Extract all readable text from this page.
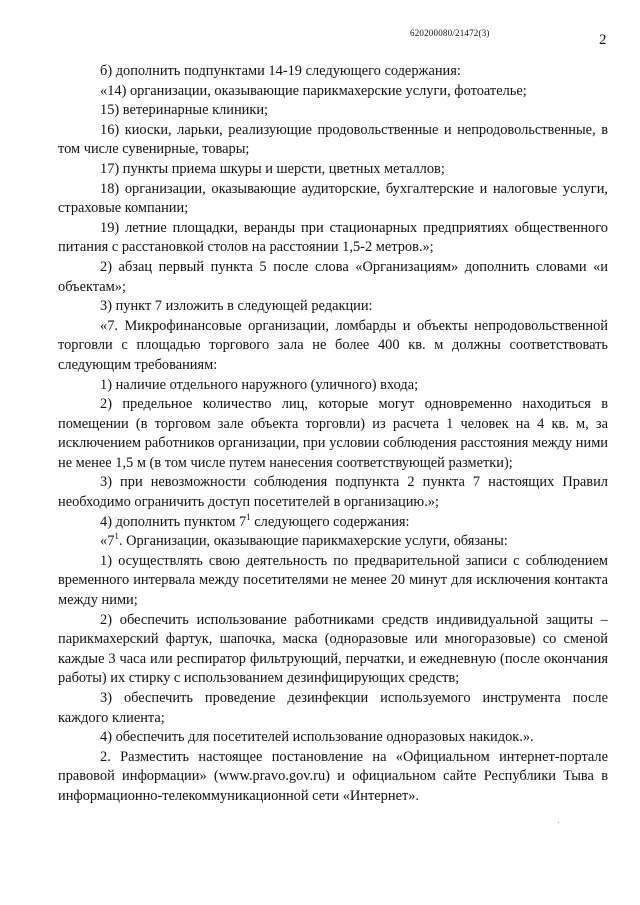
620200080/21472(3)	2

б) дополнить подпунктами 14-19 следующего содержания:

«14) организации, оказывающие парикмахерские услуги, фотоателье;

15) ветеринарные клиники;

16) киоски, ларьки, реализующие продовольственные и непродовольственные, в том числе сувенирные, товары;

17) пункты приема шкуры и шерсти, цветных металлов;

18) организации, оказывающие аудиторские, бухгалтерские и налоговые услуги, страховые компании;

19) летние площадки, веранды при стационарных предприятиях общественного питания с расстановкой столов на расстоянии 1,5-2 метров.»;

2) абзац первый пункта 5 после слова «Организациям» дополнить словами «и объектам»;

3) пункт 7 изложить в следующей редакции:

«7. Микрофинансовые организации, ломбарды и объекты непродовольственной торговли с площадью торгового зала не более 400 кв. м должны соответствовать следующим требованиям:

1) наличие отдельного наружного (уличного) входа;

2) предельное количество лиц, которые могут одновременно находиться в помещении (в торговом зале объекта торговли) из расчета 1 человек на 4 кв. м, за исключением работников организации, при условии соблюдения расстояния между ними не менее 1,5 м (в том числе путем нанесения соответствующей разметки);

3) при невозможности соблюдения подпункта 2 пункта 7 настоящих Правил необходимо ограничить доступ посетителей в организацию.»;

4) дополнить пунктом $7^1$ следующего содержания:

«$7^1$. Организации, оказывающие парикмахерские услуги, обязаны:

1) осуществлять свою деятельность по предварительной записи с соблюдением временного интервала между посетителями не менее 20 минут для исключения контакта между ними;

2) обеспечить использование работниками средств индивидуальной защиты – парикмахерский фартук, шапочка, маска (одноразовые или многоразовые) со сменой каждые 3 часа или респиратор фильтрующий, перчатки, и ежедневную (после окончания работы) их стирку с использованием дезинфицирующих средств;

3) обеспечить проведение дезинфекции используемого инструмента после каждого клиента;

4) обеспечить для посетителей использование одноразовых накидок.».

2. Разместить настоящее постановление на «Официальном интернет-портале правовой информации» (www.pravo.gov.ru) и официальном сайте Республики Тыва в информационно-телекоммуникационной сети «Интернет».
